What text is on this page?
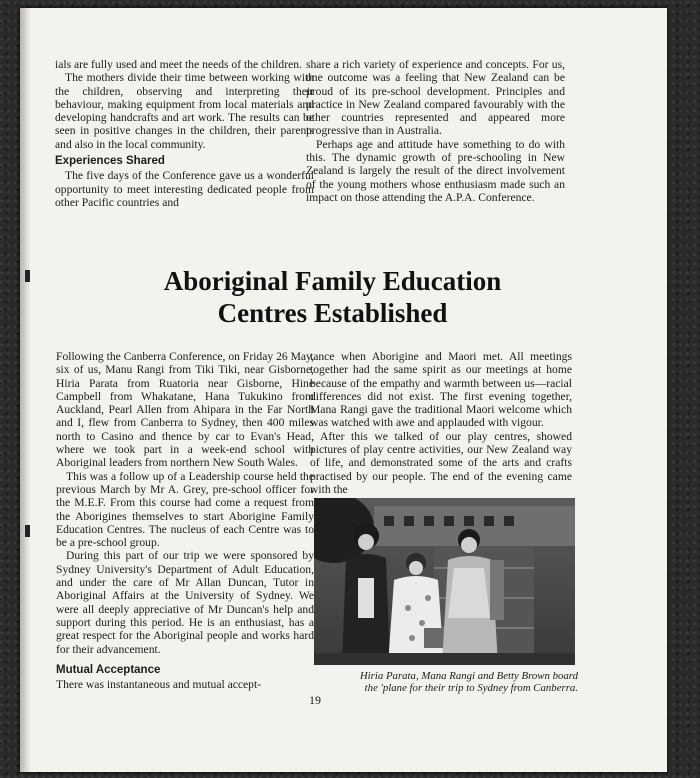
ials are fully used and meet the needs of the children.

The mothers divide their time between working with the children, observing and interpreting their behaviour, making equipment from local materials and developing handcrafts and art work. The results can be seen in positive changes in the children, their parents and also in the local community.

Experiences Shared

The five days of the Conference gave us a wonderful opportunity to meet interesting dedicated people from other Pacific countries and

share a rich variety of experience and concepts. For us, one outcome was a feeling that New Zealand can be proud of its pre-school development. Principles and practice in New Zealand compared favourably with the other countries represented and appeared more progressive than in Australia.

Perhaps age and attitude have something to do with this. The dynamic growth of pre-schooling in New Zealand is largely the result of the direct involvement of the young mothers whose enthusiasm made such an impact on those attending the A.P.A. Conference.

Aboriginal Family Education
Centres Established

Following the Canberra Conference, on Friday 26 May, six of us, Manu Rangi from Tiki Tiki, near Gisborne, Hiria Parata from Ruatoria near Gisborne, Hine Campbell from Whakatane, Hana Tukukino from Auckland, Pearl Allen from Ahipara in the Far North and I, flew from Canberra to Sydney, then 400 miles north to Casino and thence by car to Evan's Head, where we took part in a week-end school with Aboriginal leaders from northern New South Wales.

This was a follow up of a Leadership course held the previous March by Mr A. Grey, pre-school officer for the M.E.F. From this course had come a request from the Aborigines themselves to start Aborigine Family Education Centres. The nucleus of each Centre was to be a pre-school group.

During this part of our trip we were sponsored by Sydney University's Department of Adult Education, and under the care of Mr Allan Duncan, Tutor in Aboriginal Affairs at the University of Sydney. We were all deeply appreciative of Mr Duncan's help and support during this period. He is an enthusiast, has a great respect for the Aboriginal people and works hard for their advancement.

Mutual Acceptance

There was instantaneous and mutual accept-

tance when Aborigine and Maori met. All meetings together had the same spirit as our meetings at home because of the empathy and warmth between us—racial differences did not exist. The first evening together, Mana Rangi gave the traditional Maori welcome which was watched with awe and applauded with vigour.

After this we talked of our play centres, showed pictures of play centre activities, our New Zealand way of life, and demonstrated some of the arts and crafts practised by our people. The end of the evening came with the

Hiria Parata, Mana Rangi and Betty Brown board
the 'plane for their trip to Sydney from Canberra.
19
